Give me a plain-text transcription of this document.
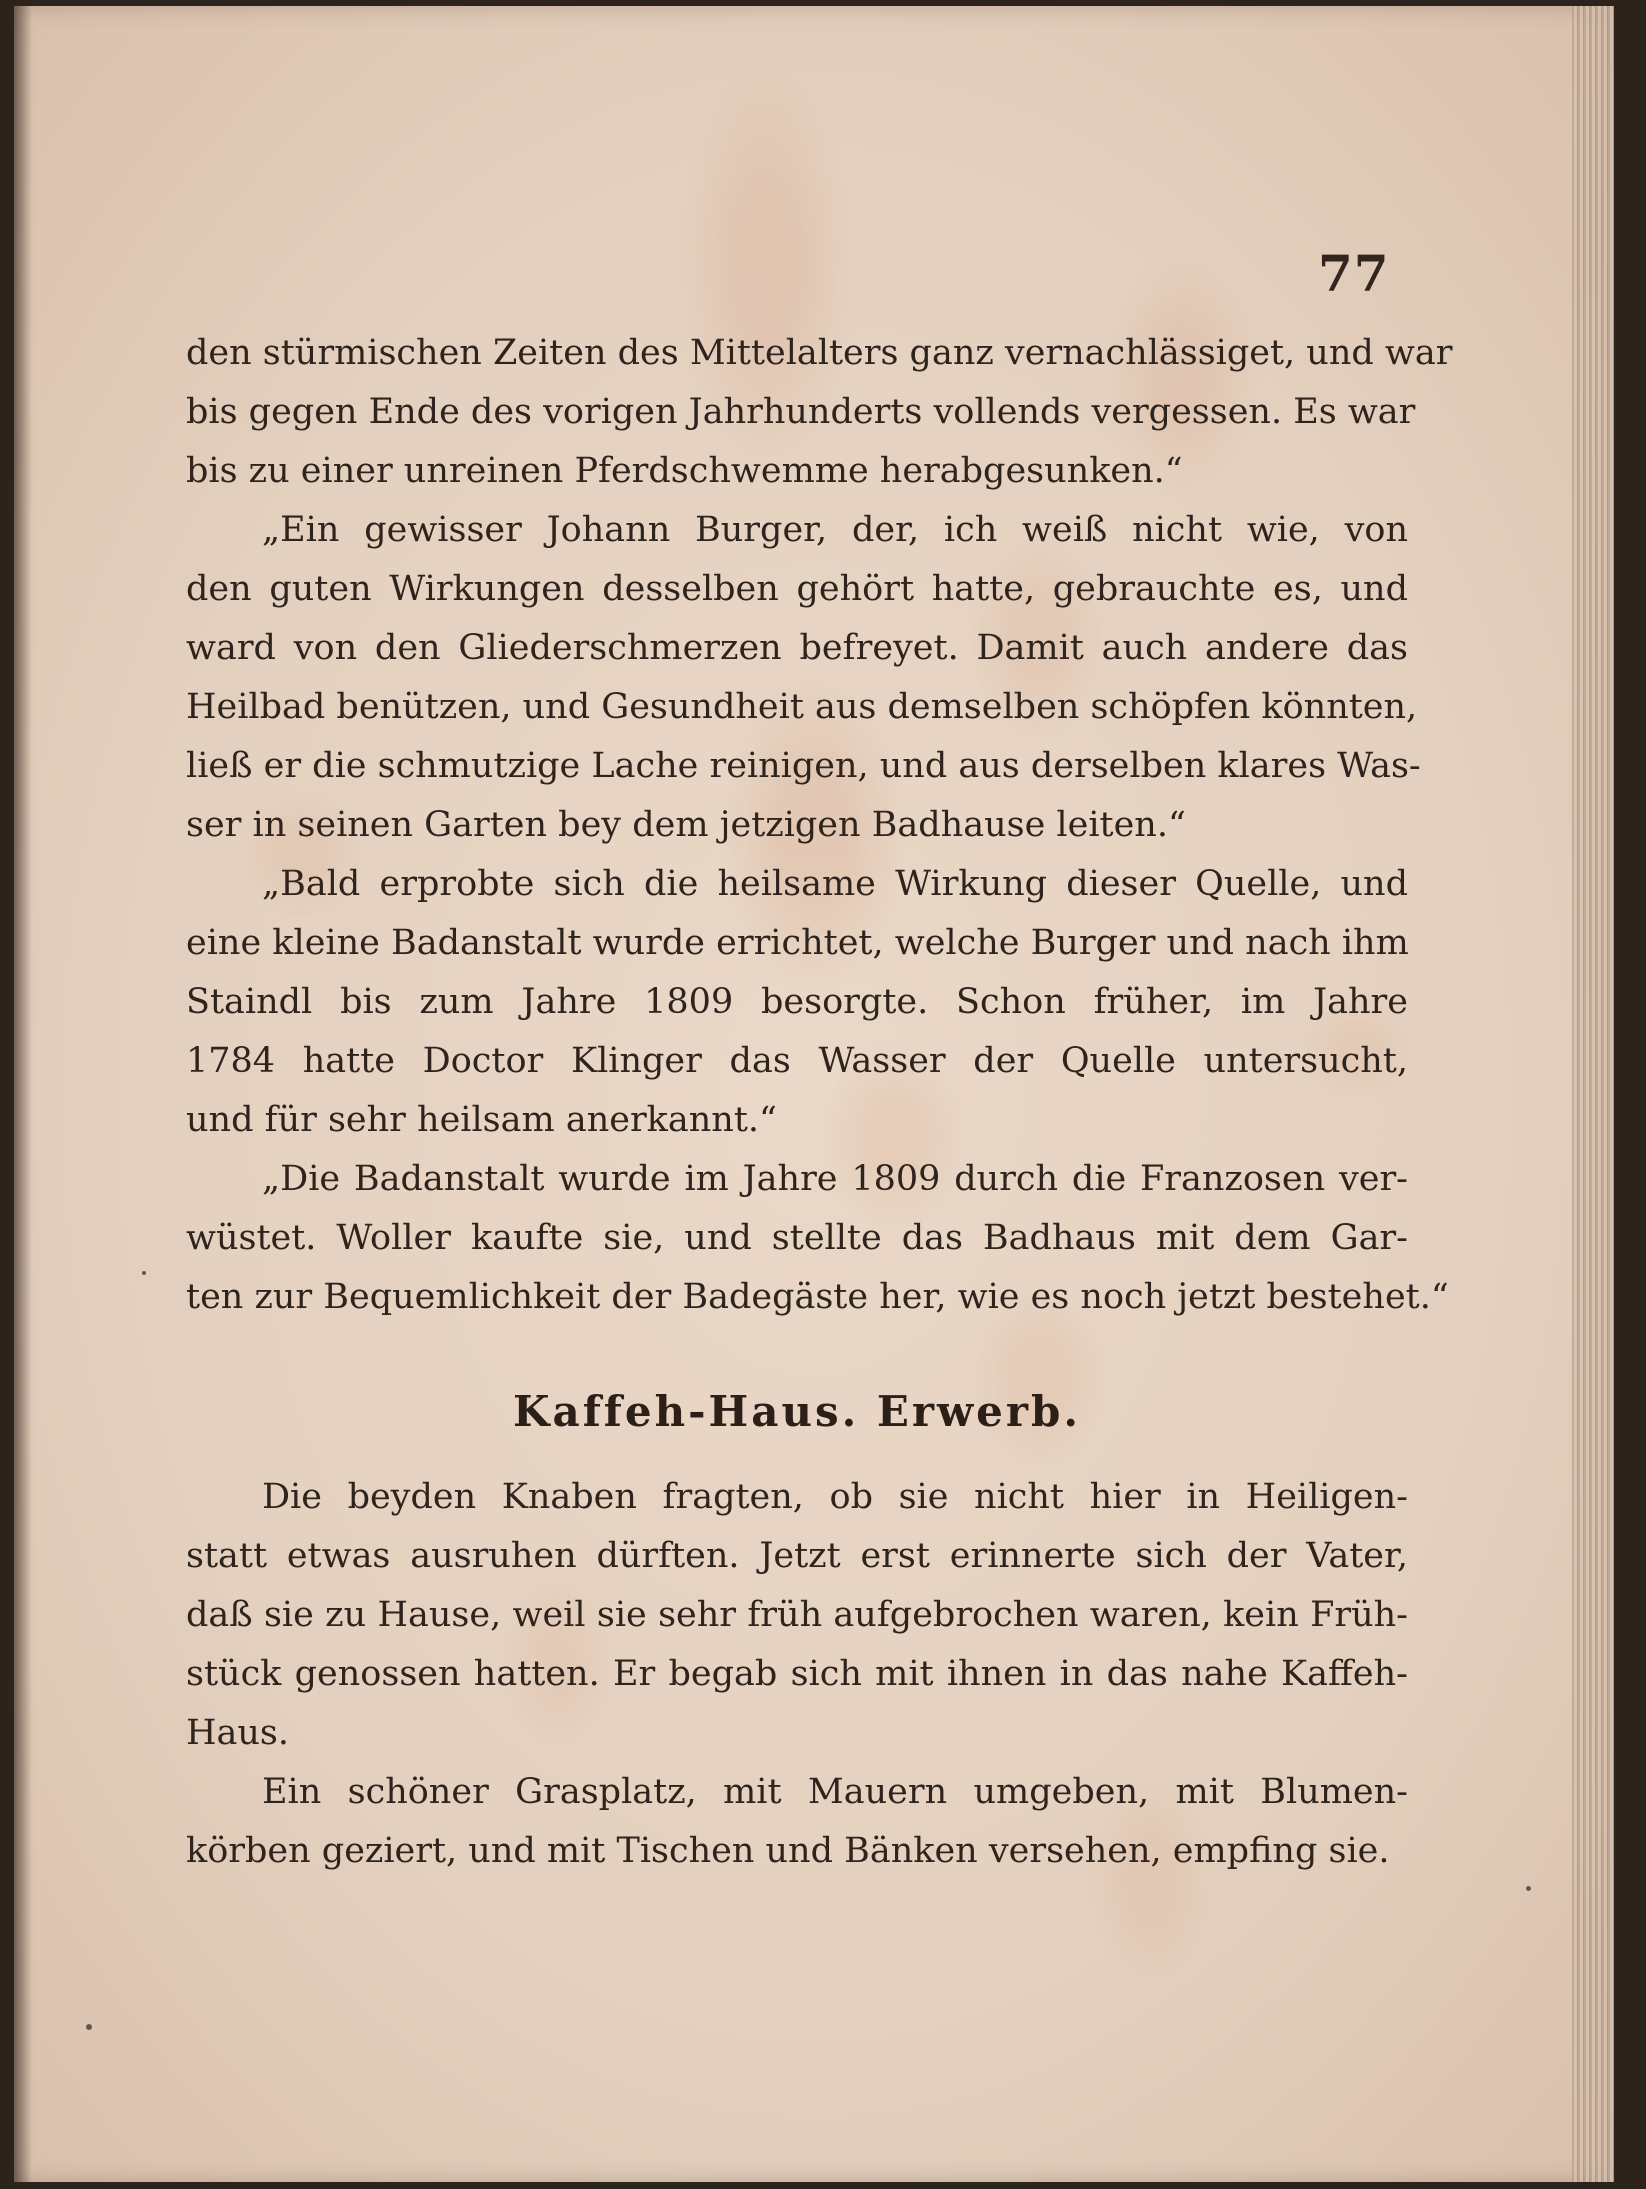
77
den stürmischen Zeiten des Mittelalters ganz vernachlässiget, und war
bis gegen Ende des vorigen Jahrhunderts vollends vergessen. Es war
bis zu einer unreinen Pferdschwemme herabgesunken.“
„Ein gewisser Johann Burger, der, ich weiß nicht wie, von
den guten Wirkungen desselben gehört hatte, gebrauchte es, und
ward von den Gliederschmerzen befreyet. Damit auch andere das
Heilbad benützen, und Gesundheit aus demselben schöpfen könnten,
ließ er die schmutzige Lache reinigen, und aus derselben klares Was-
ser in seinen Garten bey dem jetzigen Badhause leiten.“
„Bald erprobte sich die heilsame Wirkung dieser Quelle, und
eine kleine Badanstalt wurde errichtet, welche Burger und nach ihm
Staindl bis zum Jahre 1809 besorgte. Schon früher, im Jahre
1784 hatte Doctor Klinger das Wasser der Quelle untersucht,
und für sehr heilsam anerkannt.“
„Die Badanstalt wurde im Jahre 1809 durch die Franzosen ver-
wüstet. Woller kaufte sie, und stellte das Badhaus mit dem Gar-
ten zur Bequemlichkeit der Badegäste her, wie es noch jetzt bestehet.“
Kaffeh-Haus. Erwerb.
Die beyden Knaben fragten, ob sie nicht hier in Heiligen-
statt etwas ausruhen dürften. Jetzt erst erinnerte sich der Vater,
daß sie zu Hause, weil sie sehr früh aufgebrochen waren, kein Früh-
stück genossen hatten. Er begab sich mit ihnen in das nahe Kaffeh-
Haus.
Ein schöner Grasplatz, mit Mauern umgeben, mit Blumen-
körben geziert, und mit Tischen und Bänken versehen, empfing sie.
